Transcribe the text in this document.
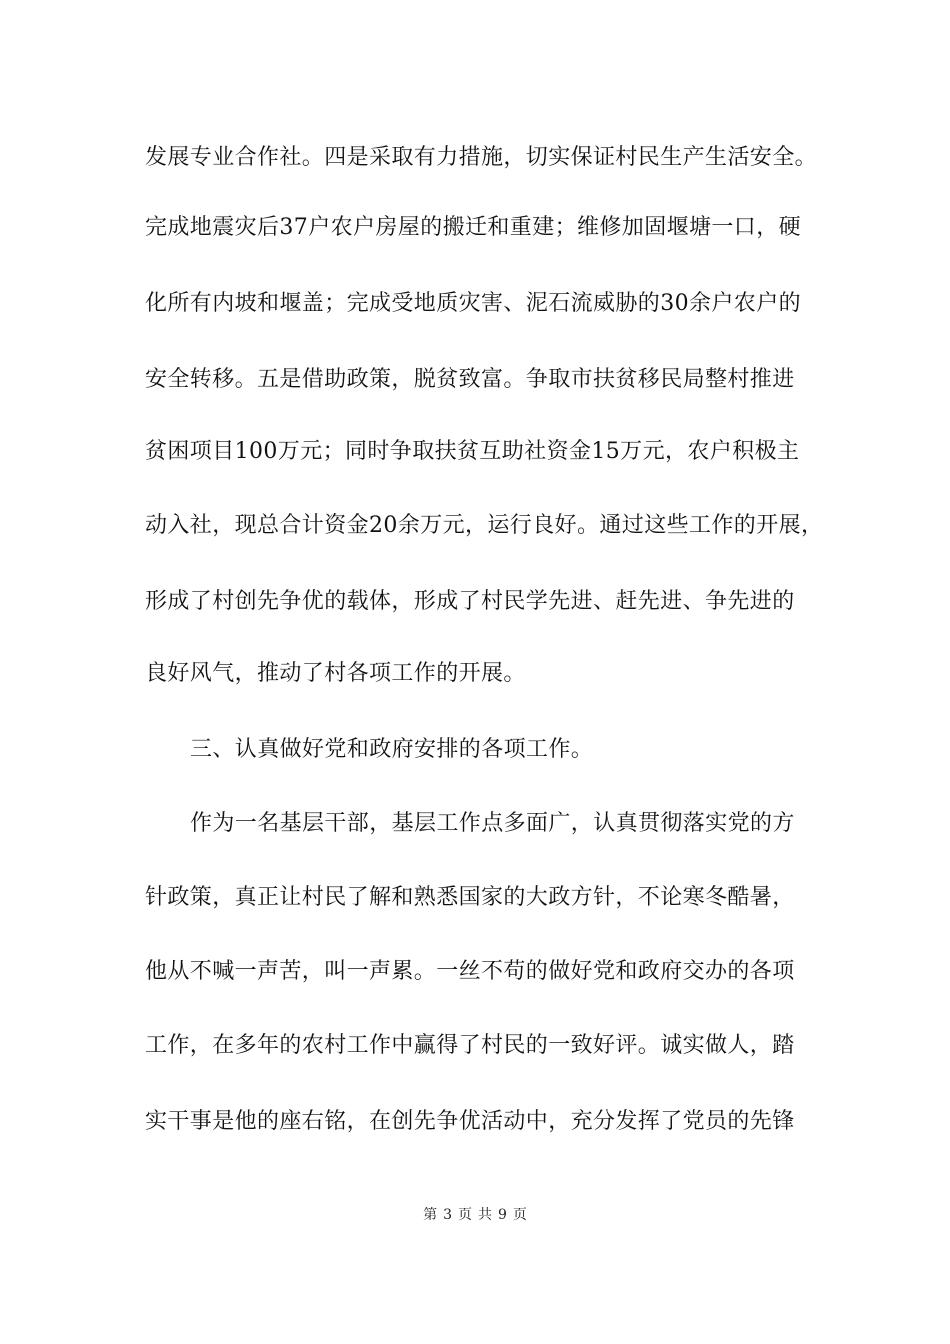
发展专业合作社。四是采取有力措施，切实保证村民生产生活安全。
完成地震灾后37户农户房屋的搬迁和重建；维修加固堰塘一口，硬
化所有内坡和堰盖；完成受地质灾害、泥石流威胁的30余户农户的
安全转移。五是借助政策，脱贫致富。争取市扶贫移民局整村推进
贫困项目100万元；同时争取扶贫互助社资金15万元，农户积极主
动入社，现总合计资金20余万元，运行良好。通过这些工作的开展，
形成了村创先争优的载体，形成了村民学先进、赶先进、争先进的
良好风气，推动了村各项工作的开展。
三、认真做好党和政府安排的各项工作。
作为一名基层干部，基层工作点多面广，认真贯彻落实党的方
针政策，真正让村民了解和熟悉国家的大政方针，不论寒冬酷暑，
他从不喊一声苦，叫一声累。一丝不苟的做好党和政府交办的各项
工作，在多年的农村工作中赢得了村民的一致好评。诚实做人，踏
实干事是他的座右铭，在创先争优活动中，充分发挥了党员的先锋
第 3 页 共 9 页
